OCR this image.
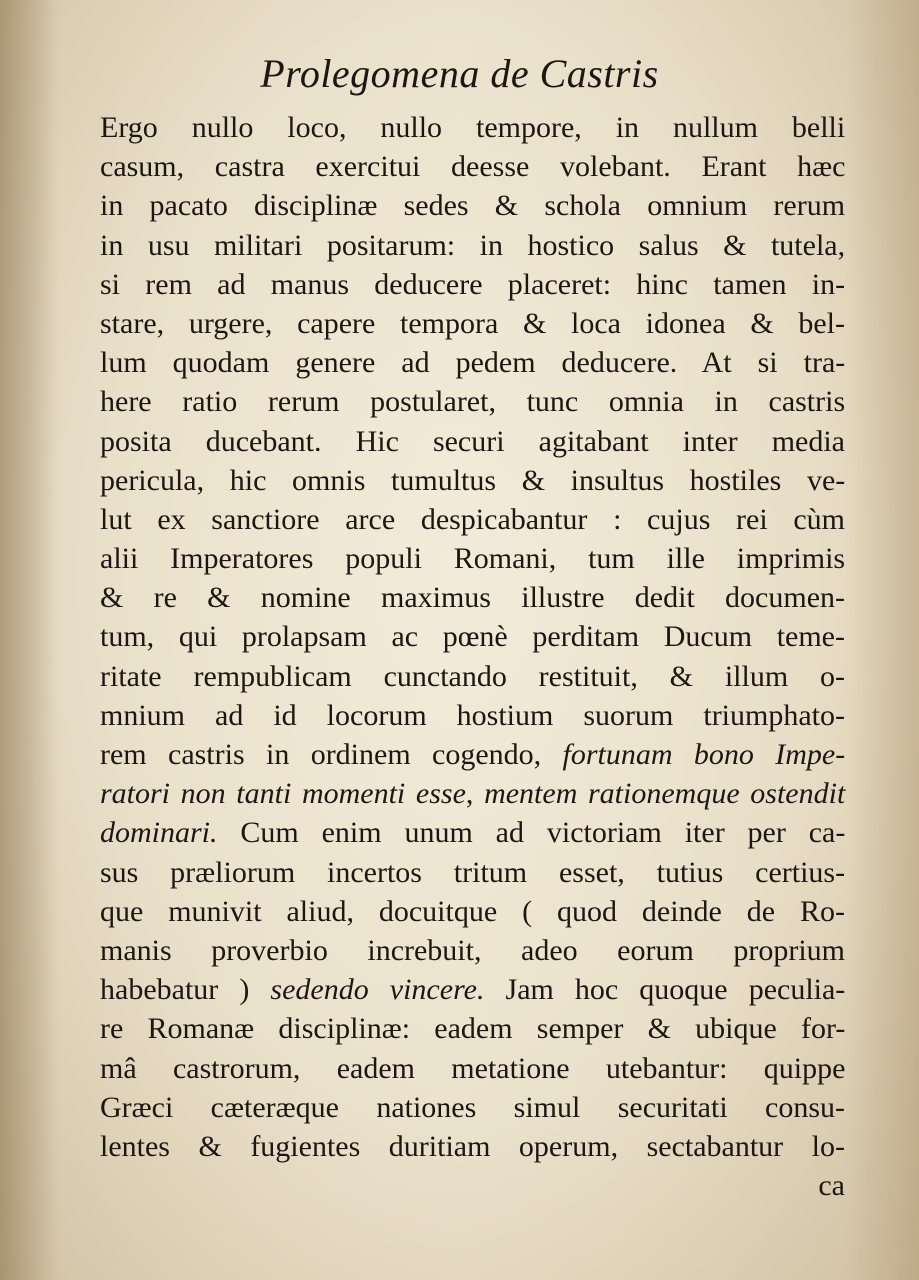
Prolegomena de Castris
Ergo nullo loco, nullo tempore, in nullum belli
casum, castra exercitui deesse volebant. Erant hæc
in pacato disciplinæ sedes & schola omnium rerum
in usu militari positarum: in hostico salus & tutela,
si rem ad manus deducere placeret: hinc tamen in-
stare, urgere, capere tempora & loca idonea & bel-
lum quodam genere ad pedem deducere. At si tra-
here ratio rerum postularet, tunc omnia in castris
posita ducebant. Hic securi agitabant inter media
pericula, hic omnis tumultus & insultus hostiles ve-
lut ex sanctiore arce despicabantur : cujus rei cùm
alii Imperatores populi Romani, tum ille imprimis
& re & nomine maximus illustre dedit documen-
tum, qui prolapsam ac pœnè perditam Ducum teme-
ritate rempublicam cunctando restituit, & illum o-
mnium ad id locorum hostium suorum triumphato-
rem castris in ordinem cogendo, fortunam bono Impe-
ratori non tanti momenti esse, mentem rationemque ostendit
dominari. Cum enim unum ad victoriam iter per ca-
sus præliorum incertos tritum esset, tutius certius-
que munivit aliud, docuitque ( quod deinde de Ro-
manis proverbio increbuit, adeo eorum proprium
habebatur ) sedendo vincere. Jam hoc quoque peculia-
re Romanæ disciplinæ: eadem semper & ubique for-
mâ castrorum, eadem metatione utebantur: quippe
Græci cæteræque nationes simul securitati consu-
lentes & fugientes duritiam operum, sectabantur lo-
ca
